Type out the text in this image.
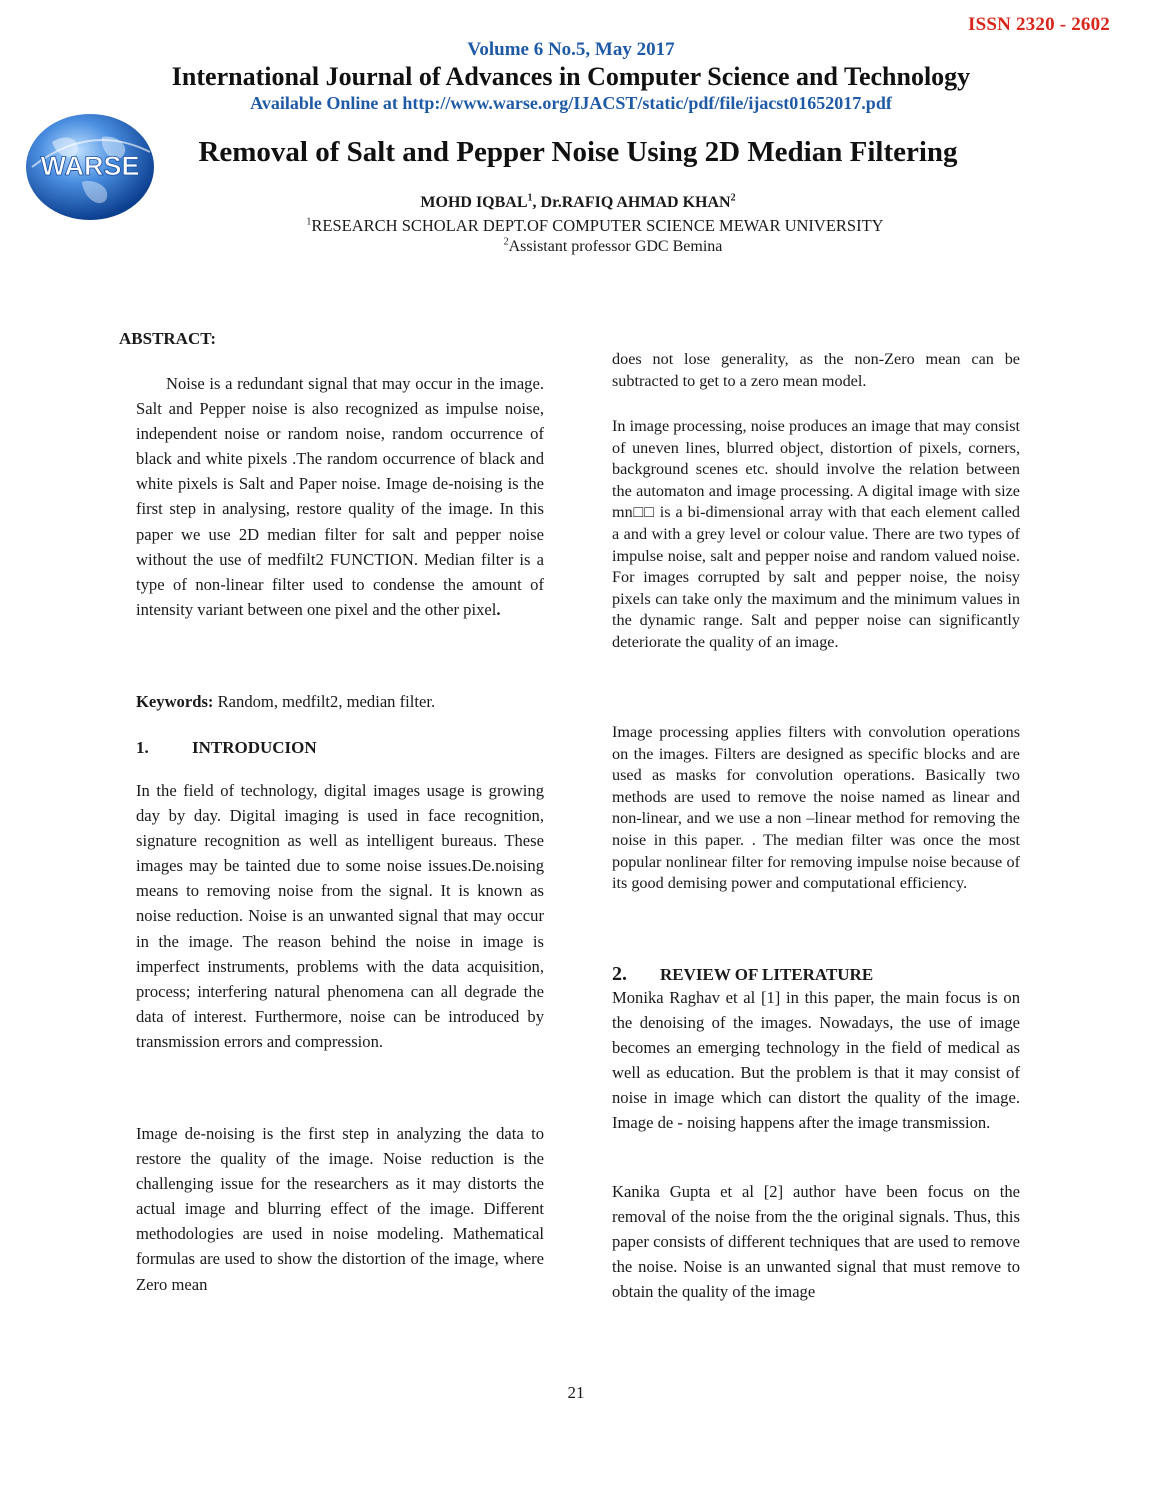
ISSN 2320 - 2602
Volume 6 No.5, May 2017
International Journal of Advances in Computer Science and Technology
Available Online at http://www.warse.org/IJACST/static/pdf/file/ijacst01652017.pdf
WARSE	Removal of Salt and Pepper Noise Using 2D Median Filtering
MOHD IQBAL$^1$, Dr.RAFIQ AHMAD KHAN$^2$
$^1$RESEARCH SCHOLAR DEPT.OF COMPUTER SCIENCE MEWAR UNIVERSITY
$^2$Assistant professor GDC Bemina
ABSTRACT:

Noise is a redundant signal that may occur in the image. Salt and Pepper noise is also recognized as impulse noise, independent noise or random noise, random occurrence of black and white pixels .The random occurrence of black and white pixels is Salt and Paper noise. Image de-noising is the first step in analysing, restore quality of the image. In this paper we use 2D median filter for salt and pepper noise without the use of medfilt2 FUNCTION. Median filter is a type of non-linear filter used to condense the amount of intensity variant between one pixel and the other pixel.

Keywords: Random, medfilt2, median filter.
1.	INTRODUCION

In the field of technology, digital images usage is growing day by day. Digital imaging is used in face recognition, signature recognition as well as intelligent bureaus. These images may be tainted due to some noise issues.De.noising means to removing noise from the signal. It is known as noise reduction. Noise is an unwanted signal that may occur in the image. The reason behind the noise in image is imperfect instruments, problems with the data acquisition, process; interfering natural phenomena can all degrade the data of interest. Furthermore, noise can be introduced by transmission errors and compression.

Image de-noising is the first step in analyzing the data to restore the quality of the image. Noise reduction is the challenging issue for the researchers as it may distorts the actual image and blurring effect of the image. Different methodologies are used in noise modeling. Mathematical formulas are used to show the distortion of the image, where Zero mean

does not lose generality, as the non-Zero mean can be subtracted to get to a zero mean model.

In image processing, noise produces an image that may consist of uneven lines, blurred object, distortion of pixels, corners, background scenes etc. should involve the relation between the automaton and image processing. A digital image with size mn□□ is a bi-dimensional array with that each element called a and with a grey level or colour value. There are two types of impulse noise, salt and pepper noise and random valued noise. For images corrupted by salt and pepper noise, the noisy pixels can take only the maximum and the minimum values in the dynamic range. Salt and pepper noise can significantly deteriorate the quality of an image.

Image processing applies filters with convolution operations on the images. Filters are designed as specific blocks and are used as masks for convolution operations. Basically two methods are used to remove the noise named as linear and non-linear, and we use a non –linear method for removing the noise in this paper. . The median filter was once the most popular nonlinear filter for removing impulse noise because of its good demising power and computational efficiency.

2. REVIEW OF LITERATURE

Monika Raghav et al [1] in this paper, the main focus is on the denoising of the images. Nowadays, the use of image becomes an emerging technology in the field of medical as well as education. But the problem is that it may consist of noise in image which can distort the quality of the image. Image de - noising happens after the image transmission.

Kanika Gupta et al [2] author have been focus on the removal of the noise from the the original signals. Thus, this paper consists of different techniques that are used to remove the noise. Noise is an unwanted signal that must remove to obtain the quality of the image

21
